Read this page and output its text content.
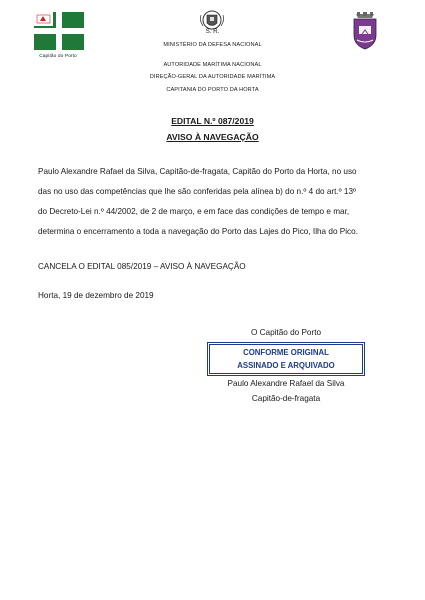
Capitão do Porto
S. R.
MINISTÉRIO DA DEFESA NACIONAL
AUTORIDADE MARÍTIMA NACIONAL
DIREÇÃO-GERAL DA AUTORIDADE MARÍTIMA
CAPITANIA DO PORTO DA HORTA
EDITAL N.º 087/2019
AVISO À NAVEGAÇÃO
Paulo Alexandre Rafael da Silva, Capitão-de-fragata, Capitão do Porto da Horta, no uso
das no uso das competências que lhe são conferidas pela alínea b) do n.º 4 do art.º 13º
do Decreto-Lei n.º 44/2002, de 2 de março, e em face das condições de tempo e mar,
determina o encerramento a toda a navegação do Porto das Lajes do Pico, Ilha do Pico.
CANCELA O EDITAL 085/2019 – AVISO À NAVEGAÇÃO
Horta, 19 de dezembro de 2019
O Capitão do Porto
CONFORME ORIGINAL
ASSINADO E ARQUIVADO
Paulo Alexandre Rafael da Silva
Capitão-de-fragata
